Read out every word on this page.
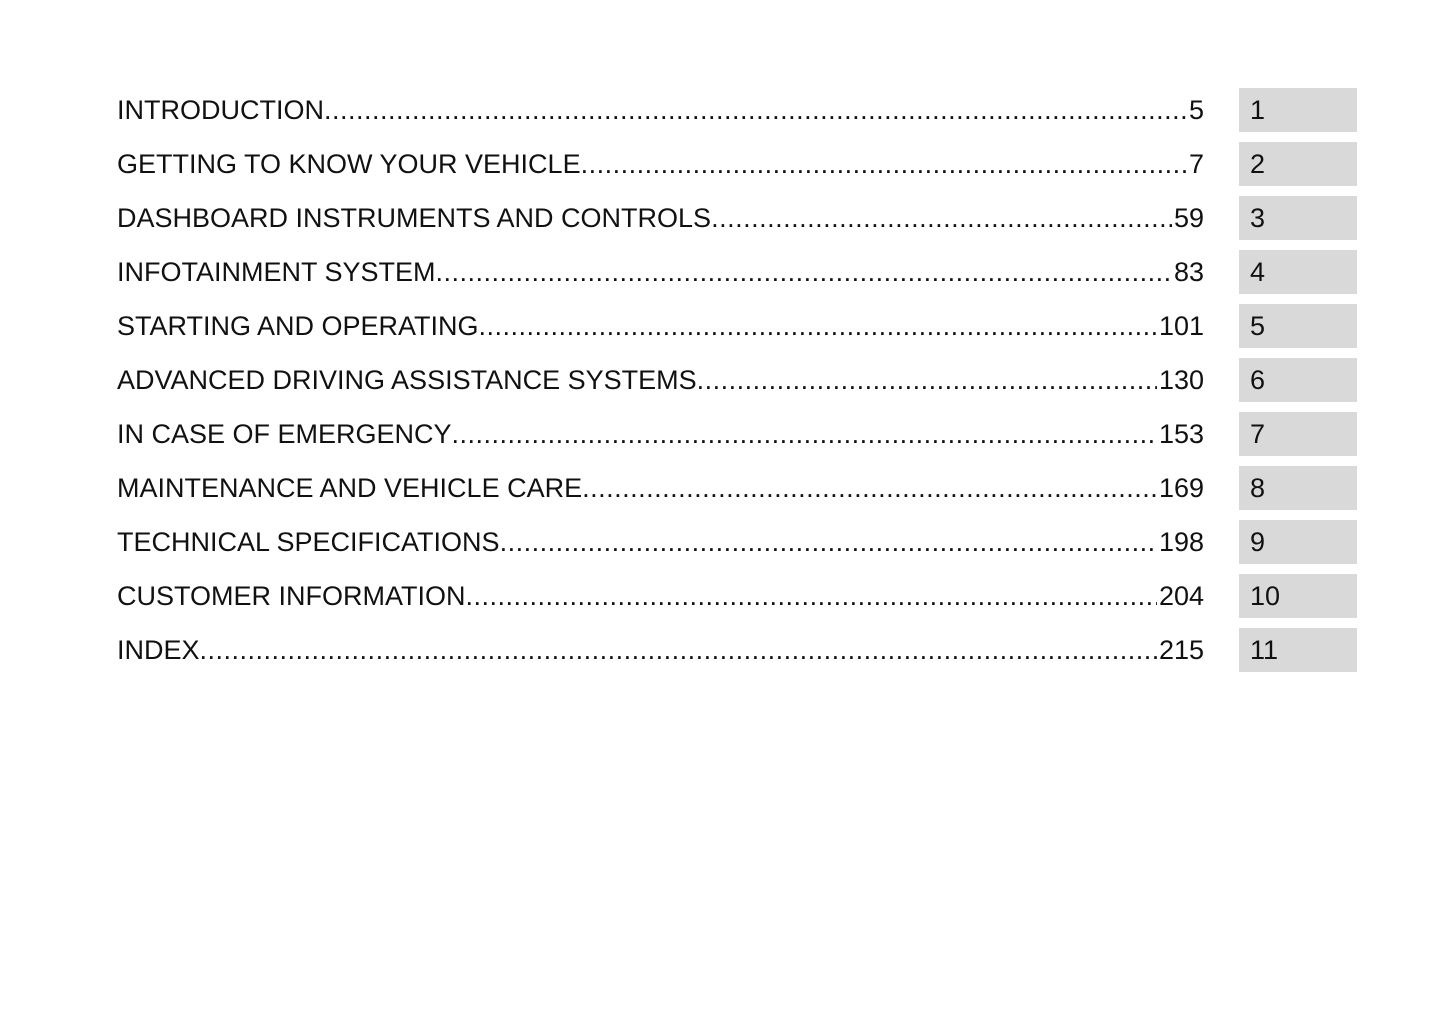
INTRODUCTION .....	5	1
GETTING TO KNOW YOUR VEHICLE .....	7	2
DASHBOARD INSTRUMENTS AND CONTROLS .....	59	3
INFOTAINMENT SYSTEM .....	83	4
STARTING AND OPERATING .....	101	5
ADVANCED DRIVING ASSISTANCE SYSTEMS .....	130	6
IN CASE OF EMERGENCY .....	153	7
MAINTENANCE AND VEHICLE CARE .....	169	8
TECHNICAL SPECIFICATIONS .....	198	9
CUSTOMER INFORMATION .....	204	10
INDEX .....	215	11
